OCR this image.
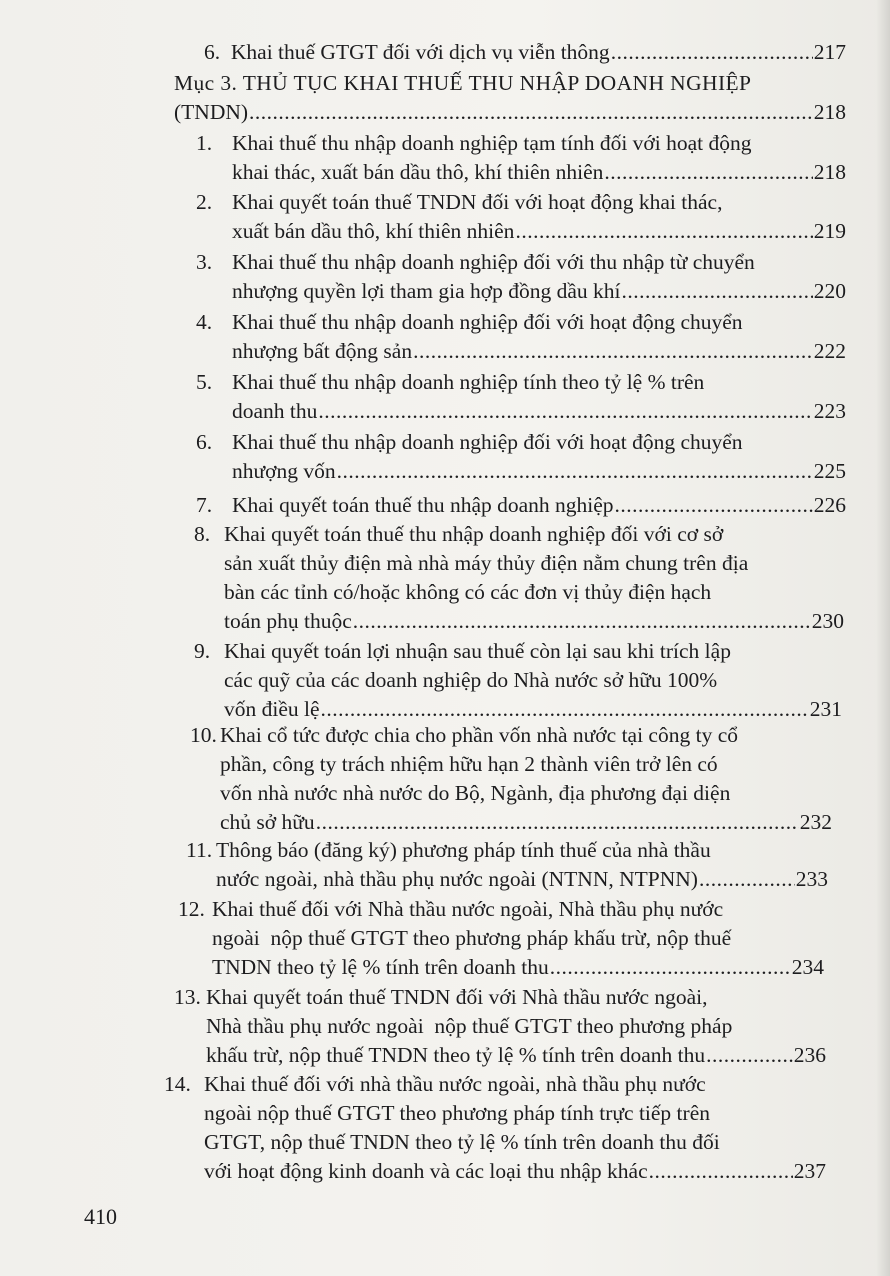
6. Khai thuế GTGT đối với dịch vụ viễn thông .....	217
Mục 3. THỦ TỤC KHAI THUẾ THU NHẬP DOANH NGHIỆP
(TNDN) .....	218
1. Khai thuế thu nhập doanh nghiệp tạm tính đối với hoạt động
khai thác, xuất bán dầu thô, khí thiên nhiên .....	218
2. Khai quyết toán thuế TNDN đối với hoạt động khai thác,
xuất bán dầu thô, khí thiên nhiên .....	219
3. Khai thuế thu nhập doanh nghiệp đối với thu nhập từ chuyển
nhượng quyền lợi tham gia hợp đồng dầu khí .....	220
4. Khai thuế thu nhập doanh nghiệp đối với hoạt động chuyển
nhượng bất động sản .....	222
5. Khai thuế thu nhập doanh nghiệp tính theo tỷ lệ % trên
doanh thu .....	223
6. Khai thuế thu nhập doanh nghiệp đối với hoạt động chuyển
nhượng vốn .....	225
7. Khai quyết toán thuế thu nhập doanh nghiệp .....	226
8. Khai quyết toán thuế thu nhập doanh nghiệp đối với cơ sở
sản xuất thủy điện mà nhà máy thủy điện nằm chung trên địa
bàn các tỉnh có/hoặc không có các đơn vị thủy điện hạch
toán phụ thuộc .....	230
9. Khai quyết toán lợi nhuận sau thuế còn lại sau khi trích lập
các quỹ của các doanh nghiệp do Nhà nước sở hữu 100%
vốn điều lệ .....	231
10. Khai cổ tức được chia cho phần vốn nhà nước tại công ty cổ
phần, công ty trách nhiệm hữu hạn 2 thành viên trở lên có
vốn nhà nước nhà nước do Bộ, Ngành, địa phương đại diện
chủ sở hữu .....	232
11. Thông báo (đăng ký) phương pháp tính thuế của nhà thầu
nước ngoài, nhà thầu phụ nước ngoài (NTNN, NTPNN) .....	233
12. Khai thuế đối với Nhà thầu nước ngoài, Nhà thầu phụ nước
ngoài  nộp thuế GTGT theo phương pháp khấu trừ, nộp thuế
TNDN theo tỷ lệ % tính trên doanh thu .....	234
13. Khai quyết toán thuế TNDN đối với Nhà thầu nước ngoài,
Nhà thầu phụ nước ngoài  nộp thuế GTGT theo phương pháp
khấu trừ, nộp thuế TNDN theo tỷ lệ % tính trên doanh thu .....	236
14. Khai thuế đối với nhà thầu nước ngoài, nhà thầu phụ nước
ngoài nộp thuế GTGT theo phương pháp tính trực tiếp trên
GTGT, nộp thuế TNDN theo tỷ lệ % tính trên doanh thu đối
với hoạt động kinh doanh và các loại thu nhập khác .....	237
410
